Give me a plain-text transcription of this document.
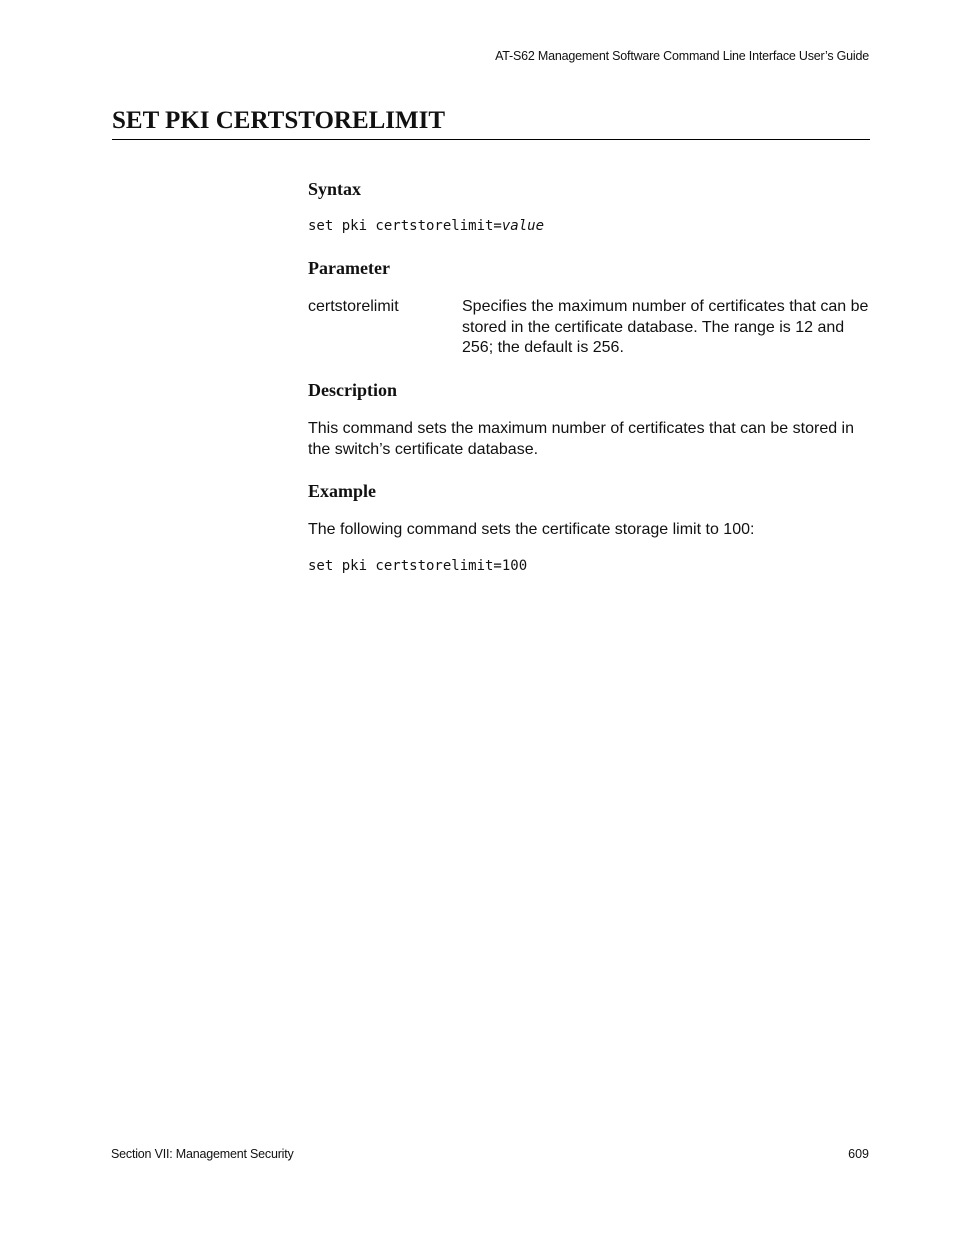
AT-S62 Management Software Command Line Interface User’s Guide
SET PKI CERTSTORELIMIT
Syntax

set pki certstorelimit=value

Parameter

certstorelimit	Specifies the maximum number of certificates that can be stored in the certificate database. The range is 12 and 256; the default is 256.

Description

This command sets the maximum number of certificates that can be stored in the switch’s certificate database.

Example

The following command sets the certificate storage limit to 100:

set pki certstorelimit=100

Section VII: Management Security	609
